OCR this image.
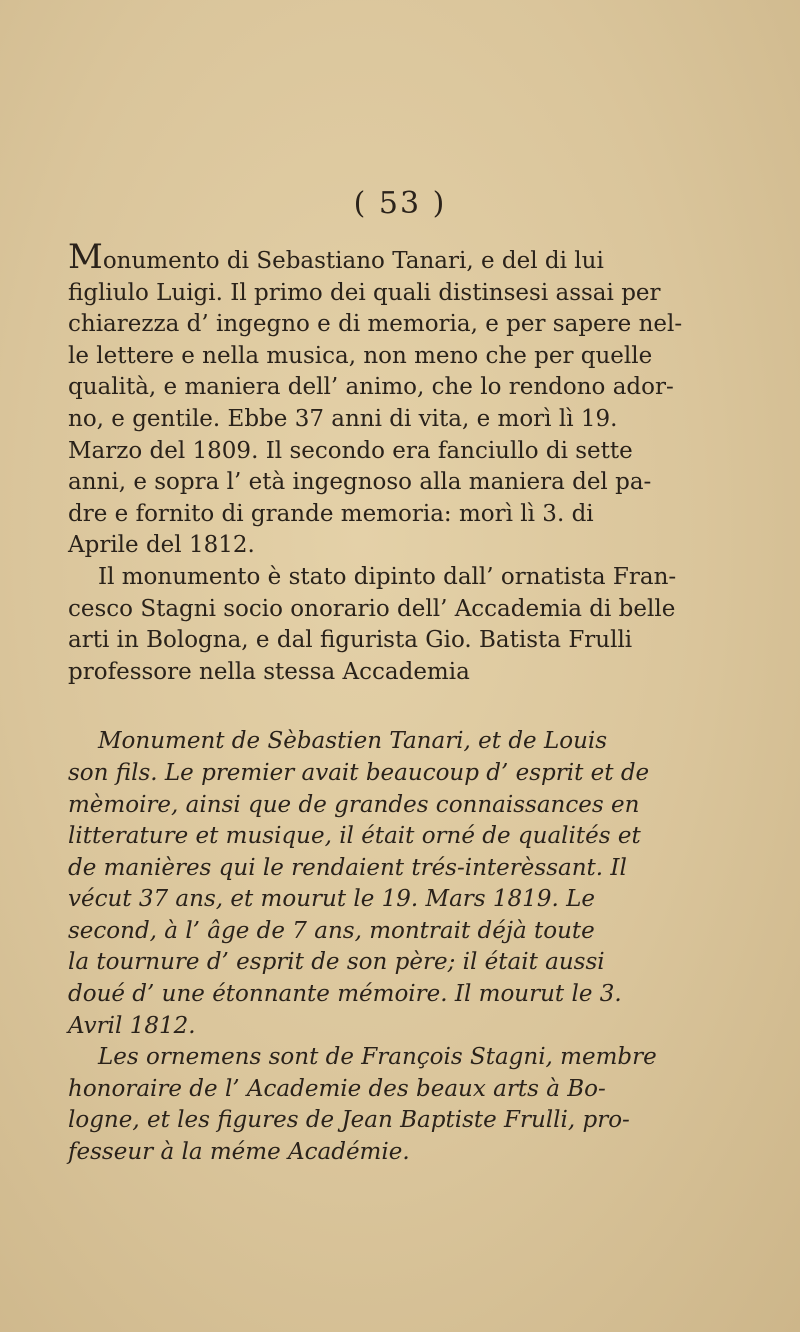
( 53 )
Monumento di Sebastiano Tanari, e del di lui
figliulo Luigi. Il primo dei quali distinsesi assai per
chiarezza d’ ingegno e di memoria, e per sapere nel-
le lettere e nella musica, non meno che per quelle
qualità, e maniera dell’ animo, che lo rendono ador-
no, e gentile. Ebbe 37 anni di vita, e morì lì 19.
Marzo del 1809. Il secondo era fanciullo di sette
anni, e sopra l’ età ingegnoso alla maniera del pa-
dre e fornito di grande memoria: morì lì 3. di
Aprile del 1812.
Il monumento è stato dipinto dall’ ornatista Fran-
cesco Stagni socio onorario dell’ Accademia di belle
arti in Bologna, e dal figurista Gio. Batista Frulli
professore nella stessa Accademia
Monument de Sèbastien Tanari, et de Louis
son fils. Le premier avait beaucoup d’ esprit et de
mèmoire, ainsi que de grandes connaissances en
litterature et musique, il était orné de qualités et
de manières qui le rendaient trés-interèssant. Il
vécut 37 ans, et mourut le 19. Mars 1819. Le
second, à l’ âge de 7 ans, montrait déjà toute
la tournure d’ esprit de son père; il était aussi
doué d’ une étonnante mémoire. Il mourut le 3.
Avril 1812.
Les ornemens sont de François Stagni, membre
honoraire de l’ Academie des beaux arts à Bo-
logne, et les figures de Jean Baptiste Frulli, pro-
fesseur à la méme Académie.
